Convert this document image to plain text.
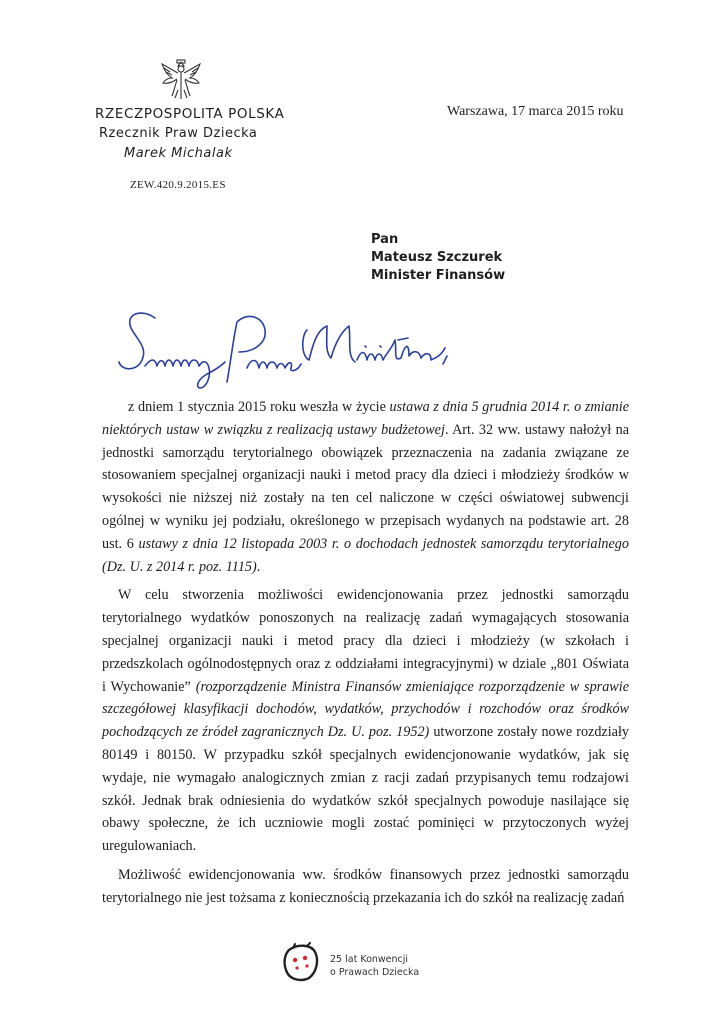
RZECZPOSPOLITA POLSKA
Rzecznik Praw Dziecka
Marek Michalak
ZEW.420.9.2015.ES
Warszawa, 17 marca 2015 roku
Pan
Mateusz Szczurek
Minister Finansów
Szanowny Panie Ministrze,

z dniem 1 stycznia 2015 roku weszła w życie ustawa z dnia 5 grudnia 2014 r. o zmianie niektórych ustaw w związku z realizacją ustawy budżetowej. Art. 32 ww. ustawy nałożył na jednostki samorządu terytorialnego obowiązek przeznaczenia na zadania związane ze stosowaniem specjalnej organizacji nauki i metod pracy dla dzieci i młodzieży środków w wysokości nie niższej niż zostały na ten cel naliczone w części oświatowej subwencji ogólnej w wyniku jej podziału, określonego w przepisach wydanych na podstawie art. 28 ust. 6 ustawy z dnia 12 listopada 2003 r. o dochodach jednostek samorządu terytorialnego (Dz. U. z 2014 r. poz. 1115).

W celu stworzenia możliwości ewidencjonowania przez jednostki samorządu terytorialnego wydatków ponoszonych na realizację zadań wymagających stosowania specjalnej organizacji nauki i metod pracy dla dzieci i młodzieży (w szkołach i przedszkolach ogólnodostępnych oraz z oddziałami integracyjnymi) w dziale „801 Oświata i Wychowanie” (rozporządzenie Ministra Finansów zmieniające rozporządzenie w sprawie szczegółowej klasyfikacji dochodów, wydatków, przychodów i rozchodów oraz środków pochodzących ze źródeł zagranicznych Dz. U. poz. 1952) utworzone zostały nowe rozdziały 80149 i 80150. W przypadku szkół specjalnych ewidencjonowanie wydatków, jak się wydaje, nie wymagało analogicznych zmian z racji zadań przypisanych temu rodzajowi szkół. Jednak brak odniesienia do wydatków szkół specjalnych powoduje nasilające się obawy społeczne, że ich uczniowie mogli zostać pominięci w przytoczonych wyżej uregulowaniach.

Możliwość ewidencjonowania ww. środków finansowych przez jednostki samorządu terytorialnego nie jest tożsama z koniecznością przekazania ich do szkół na realizację zadań

25 lat Konwencji
o Prawach Dziecka
